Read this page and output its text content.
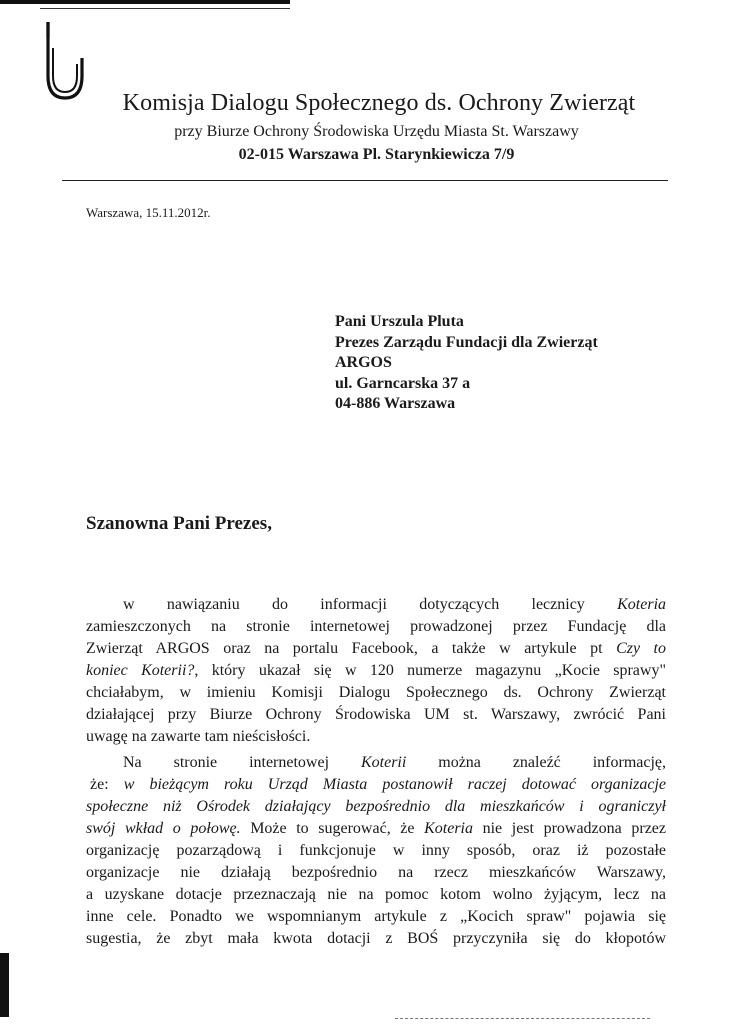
Komisja Dialogu Społecznego ds. Ochrony Zwierząt
przy Biurze Ochrony Środowiska Urzędu Miasta St. Warszawy
02-015 Warszawa Pl. Starynkiewicza 7/9
Warszawa, 15.11.2012r.
Pani Urszula Pluta
Prezes Zarządu Fundacji dla Zwierząt
ARGOS
ul. Garncarska 37 a
04-886 Warszawa
Szanowna Pani Prezes,
w nawiązaniu do informacji dotyczących lecznicy Koteria
zamieszczonych na stronie internetowej prowadzonej przez Fundację dla
Zwierząt ARGOS oraz na portalu Facebook, a także w artykule pt Czy to
koniec Koterii?, który ukazał się w 120 numerze magazynu „Kocie sprawy"
chciałabym, w imieniu Komisji Dialogu Społecznego ds. Ochrony Zwierząt
działającej przy Biurze Ochrony Środowiska UM st. Warszawy, zwrócić Pani
uwagę na zawarte tam nieścisłości.
Na stronie internetowej Koterii można znaleźć informację,
że: w bieżącym roku Urząd Miasta postanowił raczej dotować organizacje
społeczne niż Ośrodek działający bezpośrednio dla mieszkańców i ograniczył
swój wkład o połowę. Może to sugerować, że Koteria nie jest prowadzona przez
organizację pozarządową i funkcjonuje w inny sposób, oraz iż pozostałe
organizacje nie działają bezpośrednio na rzecz mieszkańców Warszawy,
a uzyskane dotacje przeznaczają nie na pomoc kotom wolno żyjącym, lecz na
inne cele. Ponadto we wspomnianym artykule z „Kocich spraw" pojawia się
sugestia, że zbyt mała kwota dotacji z BOŚ przyczyniła się do kłopotów
